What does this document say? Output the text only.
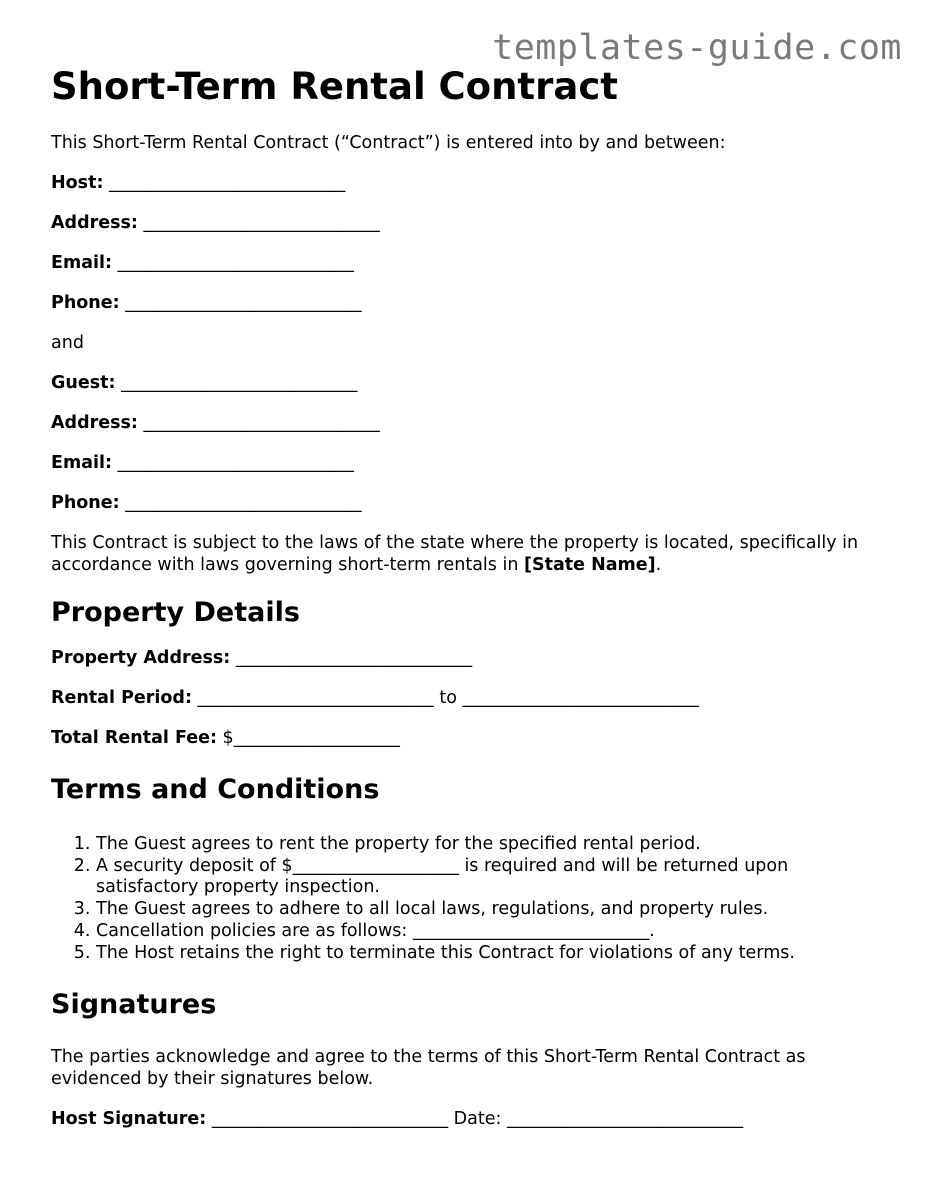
templates-guide.com
Short-Term Rental Contract

This Short-Term Rental Contract (“Contract”) is entered into by and between:

Host: ___________________________
Address: ___________________________
Email: ___________________________
Phone: ___________________________

and

Guest: ___________________________
Address: ___________________________
Email: ___________________________
Phone: ___________________________

This Contract is subject to the laws of the state where the property is located, specifically in accordance with laws governing short-term rentals in [State Name].

Property Details
Property Address: ___________________________
Rental Period: ___________________________ to ___________________________
Total Rental Fee: $___________________
Terms and Conditions
1. The Guest agrees to rent the property for the specified rental period.
2. A security deposit of $___________________ is required and will be returned upon satisfactory property inspection.
3. The Guest agrees to adhere to all local laws, regulations, and property rules.
4. Cancellation policies are as follows: ___________________________.
5. The Host retains the right to terminate this Contract for violations of any terms.
Signatures

The parties acknowledge and agree to the terms of this Short-Term Rental Contract as evidenced by their signatures below.

Host Signature: ___________________________ Date: ___________________________
